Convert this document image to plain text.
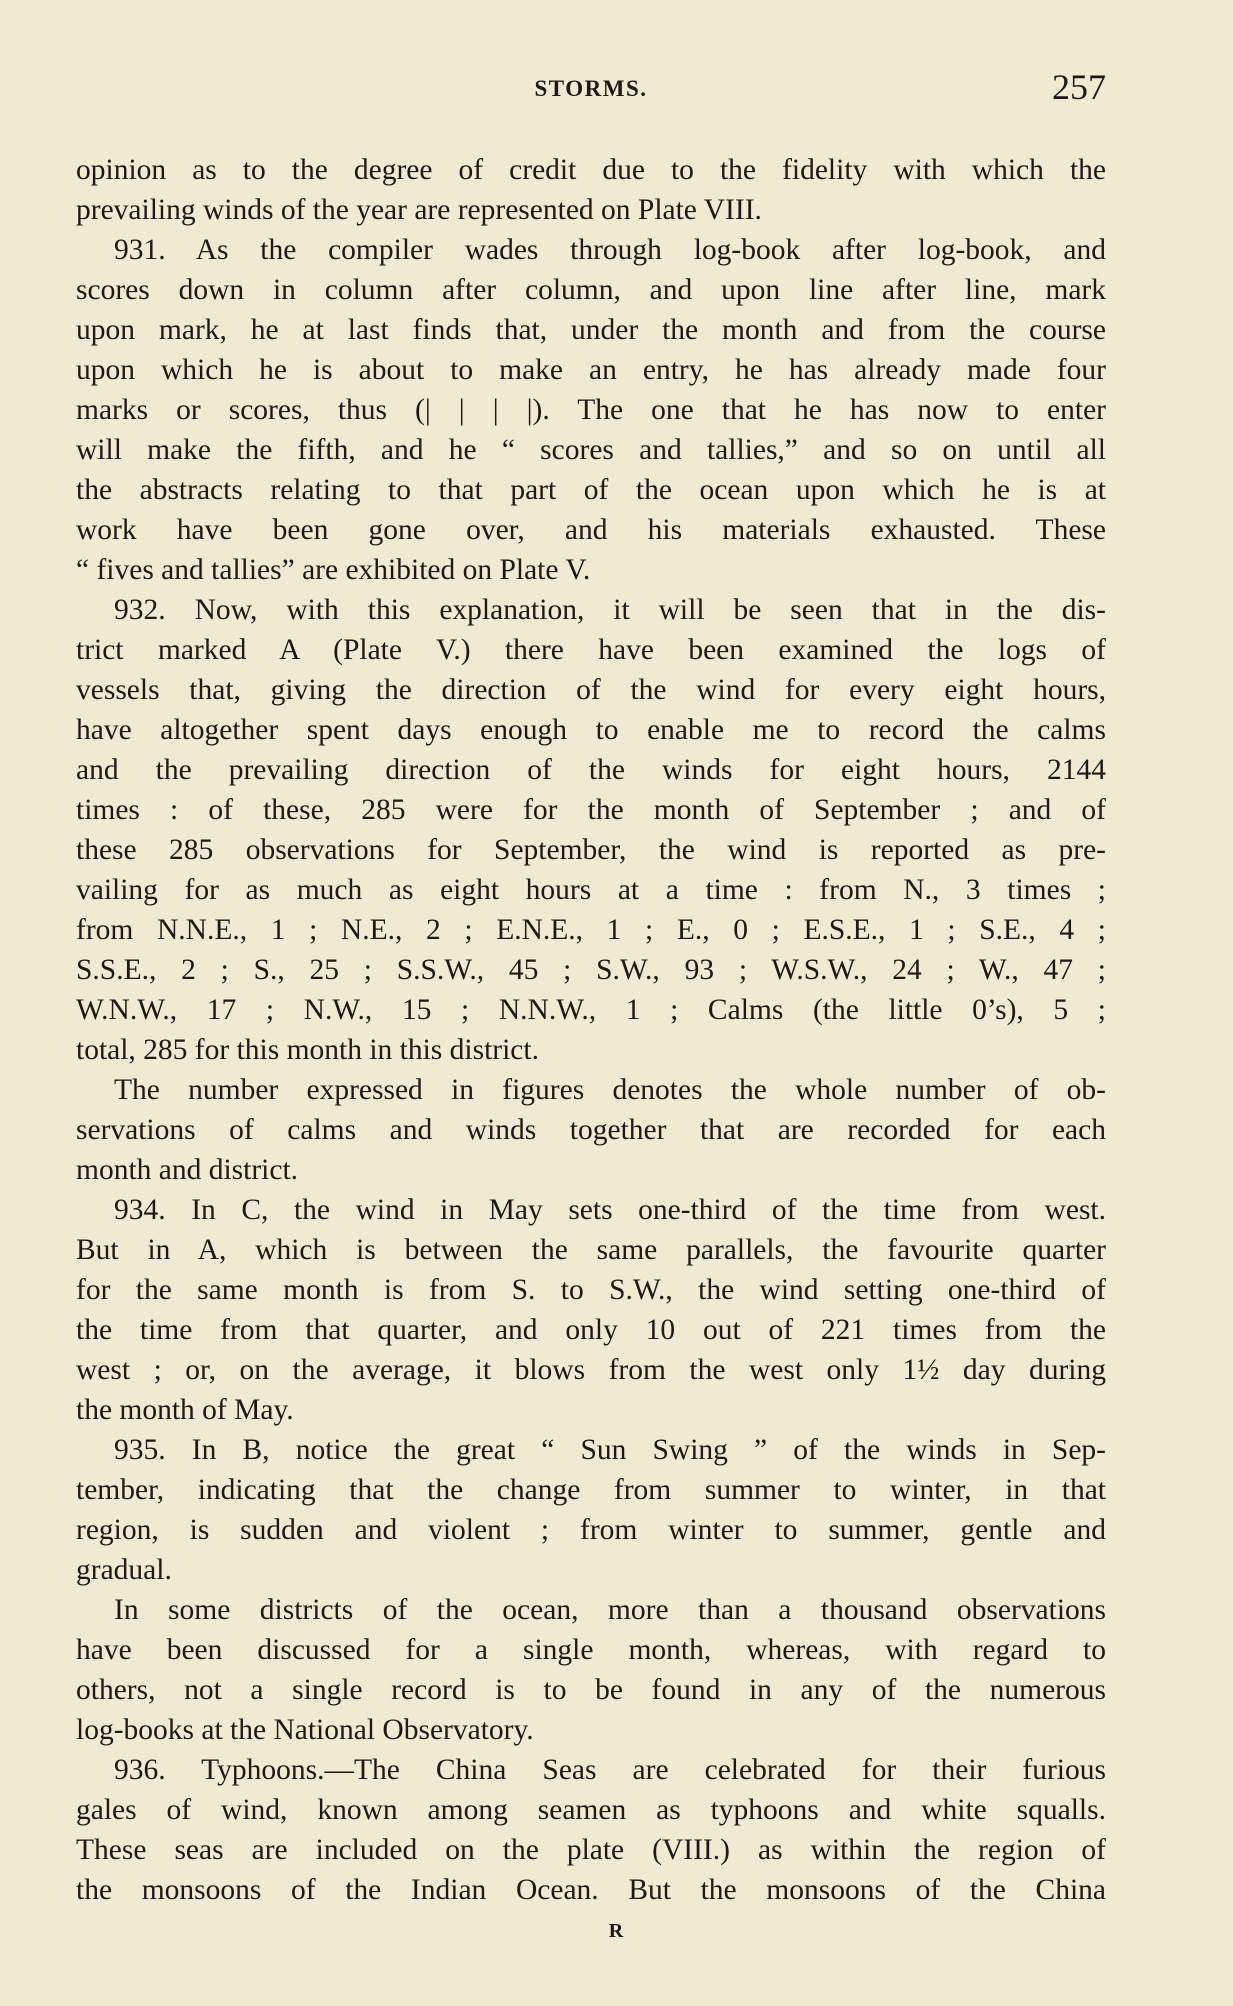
STORMS.	257
opinion as to the degree of credit due to the fidelity with which the
prevailing winds of the year are represented on Plate VIII.
931. As the compiler wades through log-book after log-book, and
scores down in column after column, and upon line after line, mark
upon mark, he at last finds that, under the month and from the course
upon which he is about to make an entry, he has already made four
marks or scores, thus (| | | |). The one that he has now to enter
will make the fifth, and he “ scores and tallies,” and so on until all
the abstracts relating to that part of the ocean upon which he is at
work have been gone over, and his materials exhausted. These
“ fives and tallies” are exhibited on Plate V.
932. Now, with this explanation, it will be seen that in the dis-
trict marked A (Plate V.) there have been examined the logs of
vessels that, giving the direction of the wind for every eight hours,
have altogether spent days enough to enable me to record the calms
and the prevailing direction of the winds for eight hours, 2144
times : of these, 285 were for the month of September ; and of
these 285 observations for September, the wind is reported as pre-
vailing for as much as eight hours at a time : from N., 3 times ;
from N.N.E., 1 ; N.E., 2 ; E.N.E., 1 ; E., 0 ; E.S.E., 1 ; S.E., 4 ;
S.S.E., 2 ; S., 25 ; S.S.W., 45 ; S.W., 93 ; W.S.W., 24 ; W., 47 ;
W.N.W., 17 ; N.W., 15 ; N.N.W., 1 ; Calms (the little 0’s), 5 ;
total, 285 for this month in this district.
The number expressed in figures denotes the whole number of ob-
servations of calms and winds together that are recorded for each
month and district.
934. In C, the wind in May sets one-third of the time from west.
But in A, which is between the same parallels, the favourite quarter
for the same month is from S. to S.W., the wind setting one-third of
the time from that quarter, and only 10 out of 221 times from the
west ; or, on the average, it blows from the west only 1½ day during
the month of May.
935. In B, notice the great “ Sun Swing ” of the winds in Sep-
tember, indicating that the change from summer to winter, in that
region, is sudden and violent ; from winter to summer, gentle and
gradual.
In some districts of the ocean, more than a thousand observations
have been discussed for a single month, whereas, with regard to
others, not a single record is to be found in any of the numerous
log-books at the National Observatory.
936. Typhoons.—The China Seas are celebrated for their furious
gales of wind, known among seamen as typhoons and white squalls.
These seas are included on the plate (VIII.) as within the region of
the monsoons of the Indian Ocean. But the monsoons of the China
R
